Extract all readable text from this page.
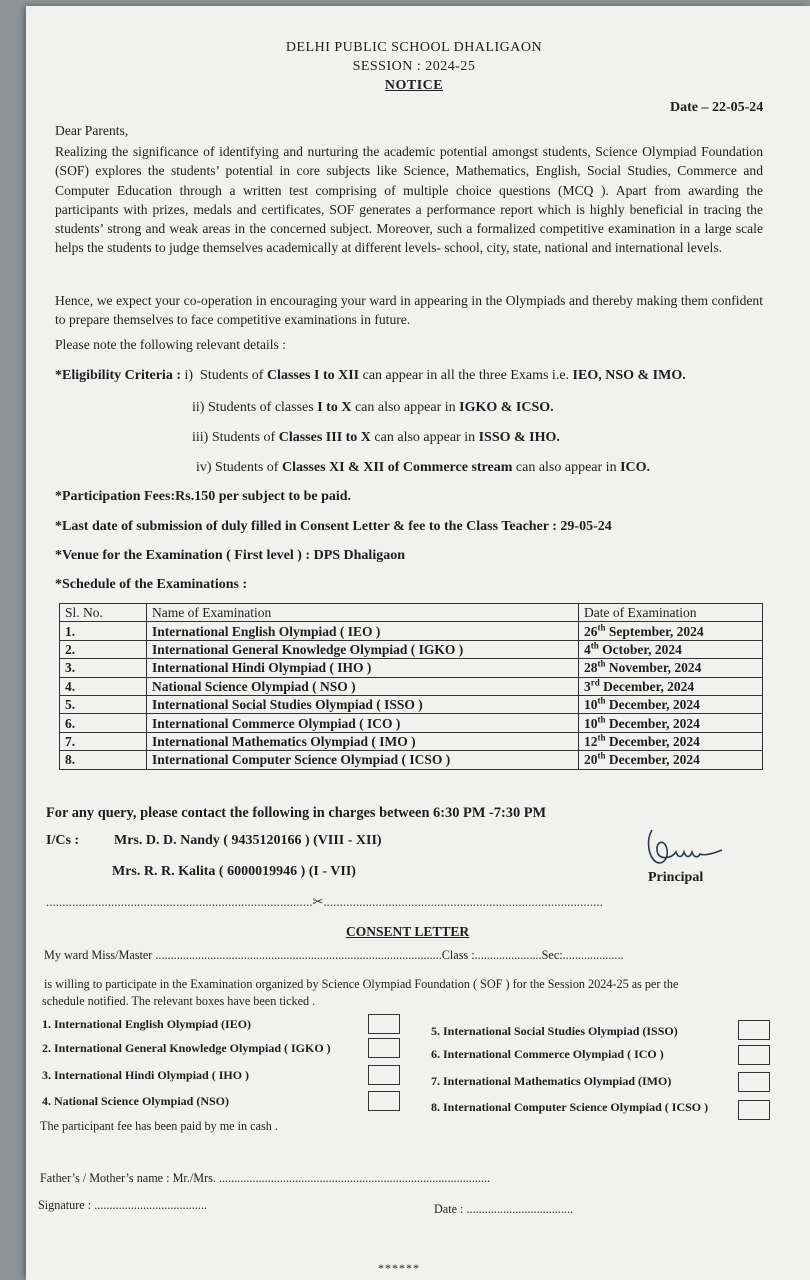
DELHI PUBLIC SCHOOL DHALIGAON
SESSION : 2024-25
NOTICE
Date – 22-05-24
Dear Parents,
Realizing the significance of identifying and nurturing the academic potential amongst students, Science Olympiad Foundation (SOF) explores the students’ potential in core subjects like Science, Mathematics, English, Social Studies, Commerce and Computer Education through a written test comprising of multiple choice questions (MCQ ). Apart from awarding the participants with prizes, medals and certificates, SOF generates a performance report which is highly beneficial in tracing the students’ strong and weak areas in the concerned subject. Moreover, such a formalized competitive examination in a large scale helps the students to judge themselves academically at different levels- school, city, state, national and international levels.
Hence, we expect your co-operation in encouraging your ward in appearing in the Olympiads and thereby making them confident to prepare themselves to face competitive examinations in future.
Please note the following relevant details :
*Eligibility Criteria : i) Students of Classes I to XII can appear in all the three Exams i.e. IEO, NSO & IMO.
ii) Students of classes I to X can also appear in IGKO & ICSO.
iii) Students of Classes III to X can also appear in ISSO & IHO.
iv) Students of Classes XI & XII of Commerce stream can also appear in ICO.
*Participation Fees:Rs.150 per subject to be paid.
*Last date of submission of duly filled in Consent Letter & fee to the Class Teacher : 29-05-24
*Venue for the Examination ( First level ) : DPS Dhaligaon
*Schedule of the Examinations :
Sl. No.	Name of Examination	Date of Examination
1.	International English Olympiad ( IEO )	26th September, 2024
2.	International General Knowledge Olympiad ( IGKO )	4th October, 2024
3.	International Hindi Olympiad ( IHO )	28th November, 2024
4.	National Science Olympiad ( NSO )	3rd December, 2024
5.	International Social Studies Olympiad ( ISSO )	10th December, 2024
6.	International Commerce Olympiad ( ICO )	10th December, 2024
7.	International Mathematics Olympiad ( IMO )	12th December, 2024
8.	International Computer Science Olympiad ( ICSO )	20th December, 2024
For any query, please contact the following in charges between 6:30 PM -7:30 PM
I/Cs : Mrs. D. D. Nandy ( 9435120166 ) (VIII - XII)
Mrs. R. R. Kalita ( 6000019946 ) (I - VII)	Principal
..................................................................................✂......................................................................................
CONSENT LETTER
My ward Miss/Master ..............................................................................................Class :......................Sec:....................
is willing to participate in the Examination organized by Science Olympiad Foundation ( SOF ) for the Session 2024-25 as per the
schedule notified. The relevant boxes have been ticked .
1. International English Olympiad (IEO)
2. International General Knowledge Olympiad ( IGKO )
3. International Hindi Olympiad ( IHO )
4. National Science Olympiad (NSO)
5. International Social Studies Olympiad (ISSO)
6. International Commerce Olympiad ( ICO )
7. International Mathematics Olympiad (IMO)
8. International Computer Science Olympiad ( ICSO )
The participant fee has been paid by me in cash .
Father’s / Mother’s name : Mr./Mrs. .........................................................................................
Signature : .....................................	Date : ...................................
******
